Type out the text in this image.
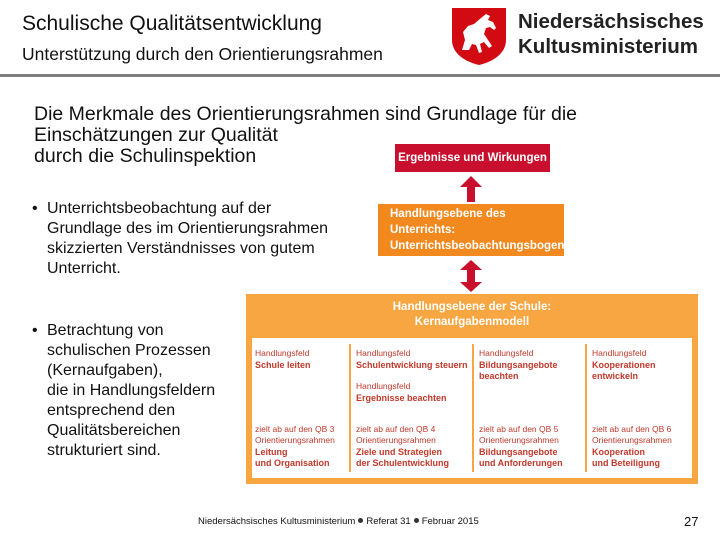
Schulische Qualitätsentwicklung
Unterstützung durch den Orientierungsrahmen
Niedersächsisches
Kultusministerium
Die Merkmale des Orientierungsrahmen sind Grundlage für die
Einschätzungen zur Qualität
durch die Schulinspektion
• Unterrichtsbeobachtung auf der
Grundlage des im Orientierungsrahmen
skizzierten Verständnisses von gutem
Unterricht.
• Betrachtung von
schulischen Prozessen
(Kernaufgaben),
die in Handlungsfeldern
entsprechend den
Qualitätsbereichen
strukturiert sind.
Ergebnisse und Wirkungen
Handlungsebene des Unterrichts:
Unterrichtsbeobachtungsbogen
Handlungsebene der Schule:
Kernaufgabenmodell
Handlungsfeld
Schule leiten
zielt ab auf den QB 3
Orientierungsrahmen
Leitung
und Organisation
Handlungsfeld
Schulentwicklung steuern
Handlungsfeld
Ergebnisse beachten
zielt ab auf den QB 4
Orientierungsrahmen
Ziele und Strategien
der Schulentwicklung
Handlungsfeld
Bildungsangebote
beachten
zielt ab auf den QB 5
Orientierungsrahmen
Bildungsangebote
und Anforderungen
Handlungsfeld
Kooperationen
entwickeln
zielt ab auf den QB 6
Orientierungsrahmen
Kooperation
und Beteiligung
Niedersächsisches Kultusministerium Referat 31 Februar 2015	27
